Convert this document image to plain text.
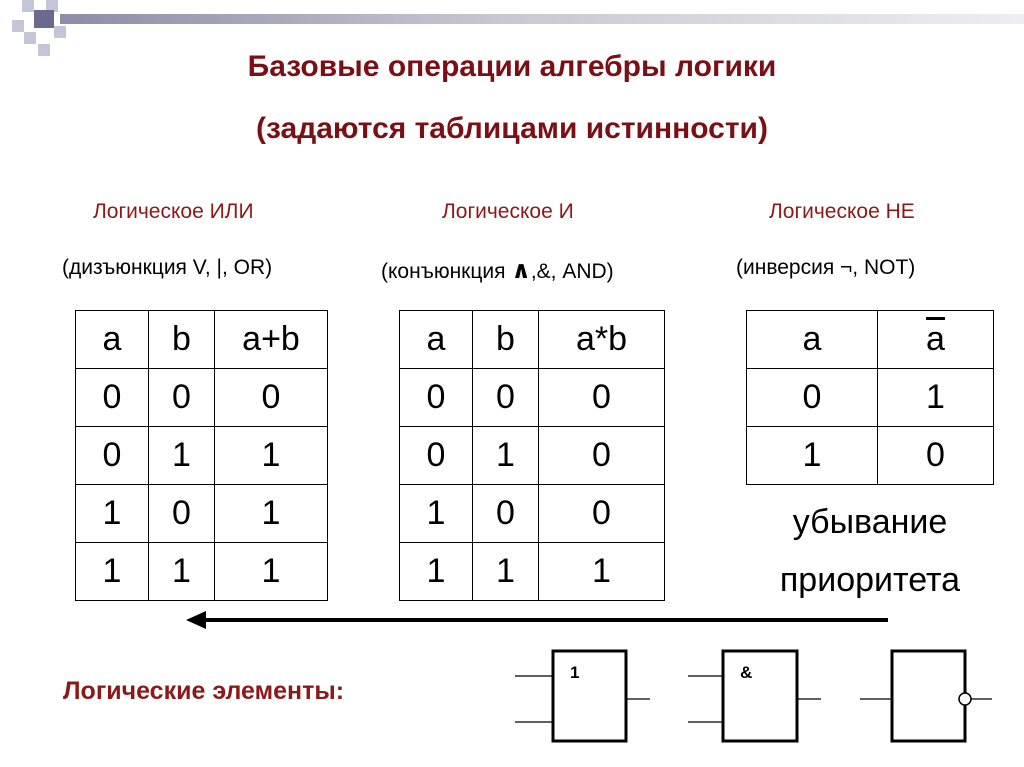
Базовые операции алгебры логики
(задаются таблицами истинности)
Логическое ИЛИ
(дизъюнкция V, |, OR)
a	b	a+b
0	0	0
0	1	1
1	0	1
1	1	1
Логическое И
(конъюнкция ∧,&, AND)
a	b	a*b
0	0	0
0	1	0
1	0	0
1	1	1
Логическое НЕ
(инверсия ¬, NOT)
a	$\overline{a}$
0	1
1	0
убывание
приоритета
Логические элементы:
1	&
